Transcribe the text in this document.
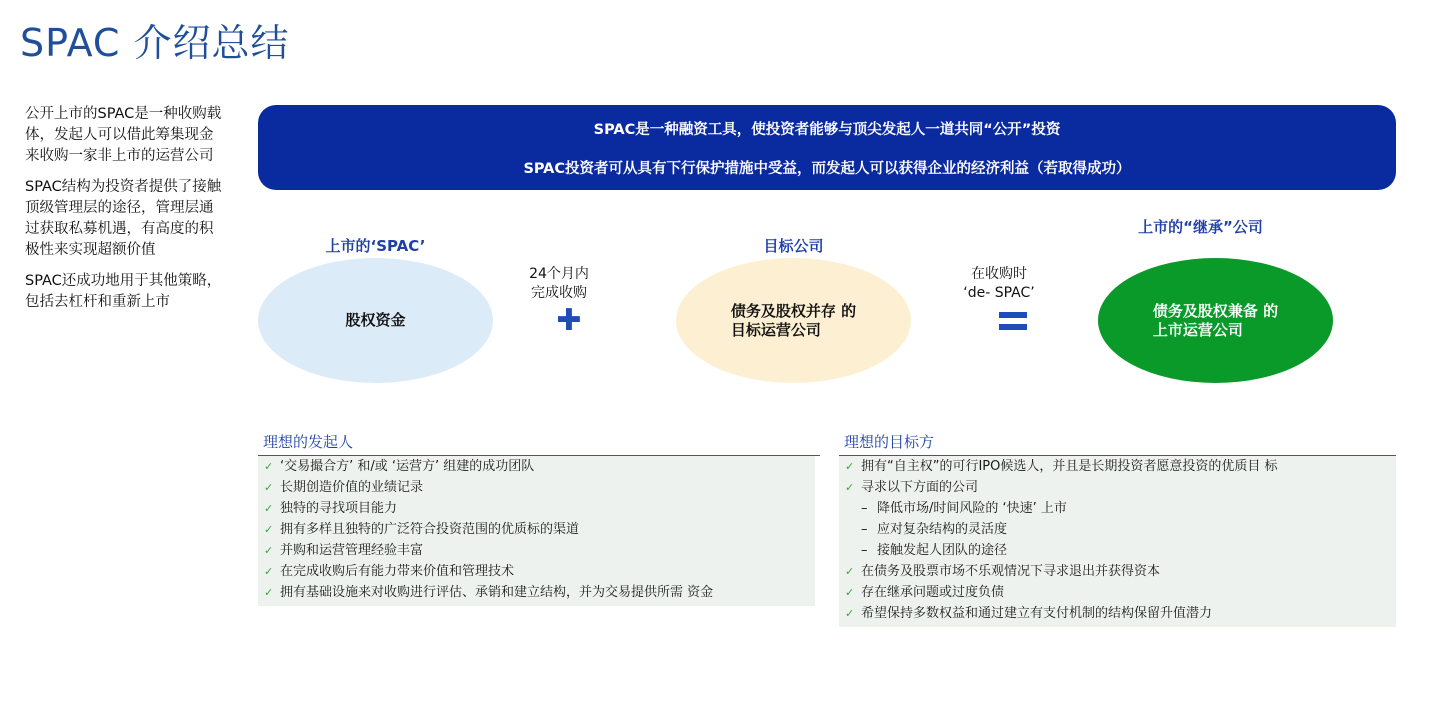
SPAC 介绍总结

公开上市的SPAC是一种收购载体，发起人可以借此筹集现金来收购一家非上市的运营公司

SPAC结构为投资者提供了接触顶级管理层的途径，管理层通过获取私募机遇，有高度的积极性来实现超额价值

SPAC还成功地用于其他策略，包括去杠杆和重新上市

SPAC是一种融资工具，使投资者能够与顶尖发起人一道共同“公开”投资
SPAC投资者可从具有下行保护措施中受益，而发起人可以获得企业的经济利益（若取得成功）
上市的‘SPAC’
股权资金
24个月内
完成收购
✚
目标公司
债务及股权并存 的
目标运营公司
在收购时
‘de- SPAC’
上市的“继承”公司
债务及股权兼备 的
上市运营公司
理想的发起人
✓ ‘交易撮合方’ 和/或 ‘运营方’ 组建的成功团队
✓ 长期创造价值的业绩记录
✓ 独特的寻找项目能力
✓ 拥有多样且独特的广泛符合投资范围的优质标的渠道
✓ 并购和运营管理经验丰富
✓ 在完成收购后有能力带来价值和管理技术
✓ 拥有基础设施来对收购进行评估、承销和建立结构，并为交易提供所需 资金
理想的目标方
✓ 拥有“自主权”的可行IPO候选人，并且是长期投资者愿意投资的优质目 标
✓ 寻求以下方面的公司
– 降低市场/时间风险的 ‘快速’ 上市
– 应对复杂结构的灵活度
– 接触发起人团队的途径
✓ 在债务及股票市场不乐观情况下寻求退出并获得资本
✓ 存在继承问题或过度负债
✓ 希望保持多数权益和通过建立有支付机制的结构保留升值潜力
